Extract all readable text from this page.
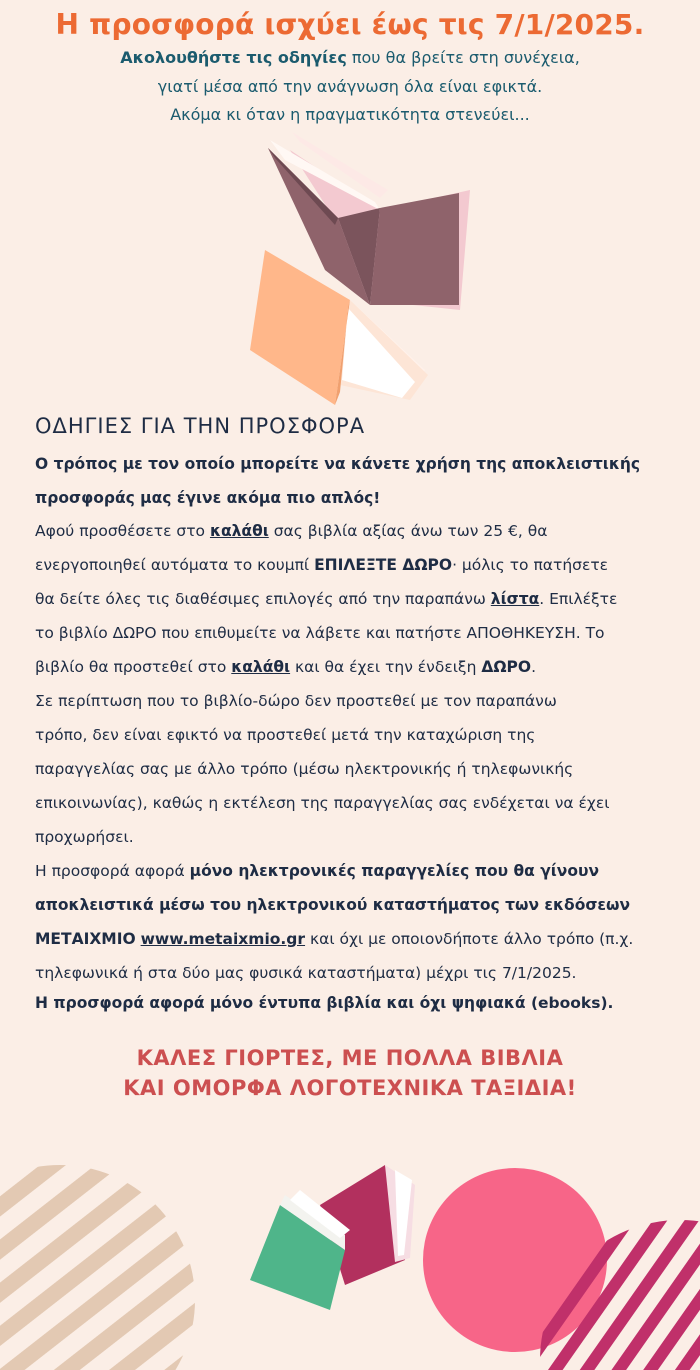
Η προσφορά ισχύει έως τις 7/1/2025.
Ακολουθήστε τις οδηγίες που θα βρείτε στη συνέχεια,
γιατί μέσα από την ανάγνωση όλα είναι εφικτά.
Ακόμα κι όταν η πραγματικότητα στενεύει...
ΟΔΗΓΙΕΣ ΓΙΑ ΤΗΝ ΠΡΟΣΦΟΡΑ
Ο τρόπος με τον οποίο μπορείτε να κάνετε χρήση της αποκλειστικής
προσφοράς μας έγινε ακόμα πιο απλός!
Αφού προσθέσετε στο καλάθι σας βιβλία αξίας άνω των 25 €, θα
ενεργοποιηθεί αυτόματα το κουμπί ΕΠΙΛΕΞΤΕ ΔΩΡΟ· μόλις το πατήσετε
θα δείτε όλες τις διαθέσιμες επιλογές από την παραπάνω λίστα. Επιλέξτε
το βιβλίο ΔΩΡΟ που επιθυμείτε να λάβετε και πατήστε ΑΠΟΘΗΚΕΥΣΗ. Το
βιβλίο θα προστεθεί στο καλάθι και θα έχει την ένδειξη ΔΩΡΟ.
Σε περίπτωση που το βιβλίο-δώρο δεν προστεθεί με τον παραπάνω
τρόπο, δεν είναι εφικτό να προστεθεί μετά την καταχώριση της
παραγγελίας σας με άλλο τρόπο (μέσω ηλεκτρονικής ή τηλεφωνικής
επικοινωνίας), καθώς η εκτέλεση της παραγγελίας σας ενδέχεται να έχει
προχωρήσει.
Η προσφορά αφορά μόνο ηλεκτρονικές παραγγελίες που θα γίνουν
αποκλειστικά μέσω του ηλεκτρονικού καταστήματος των εκδόσεων
ΜΕΤΑΙΧΜΙΟ www.metaixmio.gr και όχι με οποιονδήποτε άλλο τρόπο (π.χ.
τηλεφωνικά ή στα δύο μας φυσικά καταστήματα) μέχρι τις 7/1/2025.
Η προσφορά αφορά μόνο έντυπα βιβλία και όχι ψηφιακά (ebooks).
ΚΑΛΕΣ ΓΙΟΡΤΕΣ, ΜΕ ΠΟΛΛΑ ΒΙΒΛΙΑ
ΚΑΙ ΟΜΟΡΦΑ ΛΟΓΟΤΕΧΝΙΚΑ ΤΑΞΙΔΙΑ!
